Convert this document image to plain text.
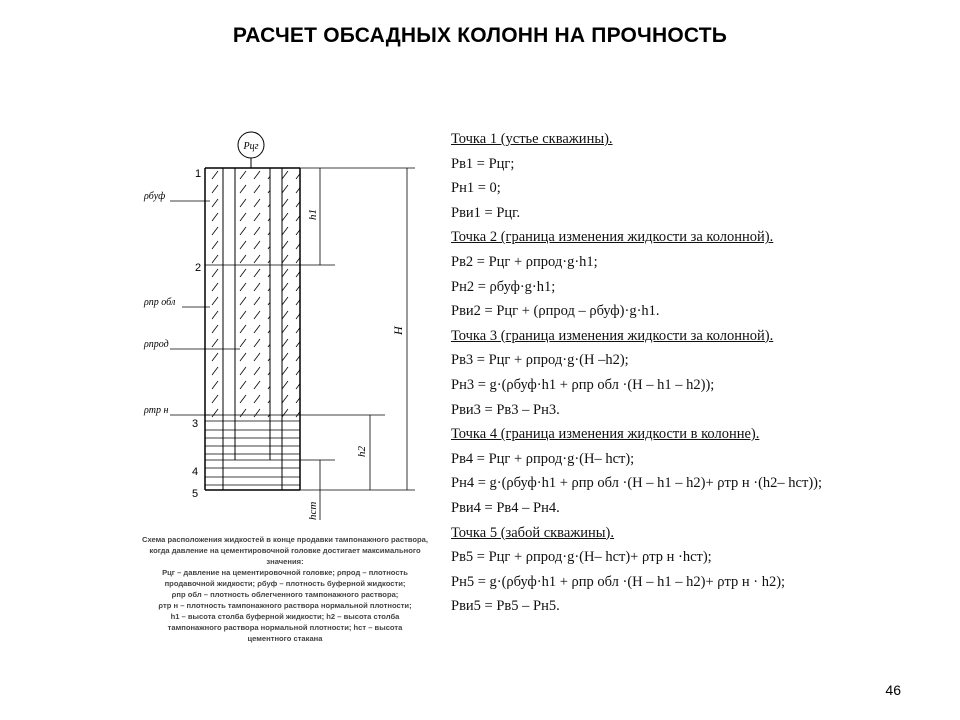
РАСЧЕТ ОБСАДНЫХ КОЛОНН НА ПРОЧНОСТЬ
Pцг
h1
H
h2
hст
ρбуф
ρпр обл
ρпрод
ρтр н
1
2
3
4
5

Схема расположения жидкостей в конце продавки тампонажного раствора, когда давление на цементировочной головке достигает максимального значения:

Pцг – давление на цементировочной головке; ρпрод – плотность

продавочной жидкости; ρбуф – плотность буферной жидкости;

ρпр обл – плотность облегченного тампонажного раствора;

ρтр н – плотность тампонажного раствора нормальной плотности;

h1 – высота столба буферной жидкости; h2 – высота столба

тампонажного раствора нормальной плотности; hст – высота

цементного стакана

Точка 1 (устье скважины).
Pв1 = Pцг;
Pн1 = 0;
Pви1 = Pцг.
Точка 2 (граница изменения жидкости за колонной).
Pв2 = Pцг + ρпрод·g·h1;
Pн2 = ρбуф·g·h1;
Pви2 = Pцг + (ρпрод – ρбуф)·g·h1.
Точка 3 (граница изменения жидкости за колонной).
Pв3 = Pцг + ρпрод·g·(H –h2);
Pн3 = g·(ρбуф·h1 + ρпр обл ·(H – h1 – h2));
Pви3 = Pв3 – Pн3.
Точка 4 (граница изменения жидкости в колонне).
Pв4 = Pцг + ρпрод·g·(H– hст);
Pн4 = g·(ρбуф·h1 + ρпр обл ·(H – h1 – h2)+ ρтр н ·(h2– hст));
Pви4 = Pв4 – Pн4.
Точка 5 (забой скважины).
Pв5 = Pцг + ρпрод·g·(H– hст)+ ρтр н ·hст);
Pн5 = g·(ρбуф·h1 + ρпр обл ·(H – h1 – h2)+ ρтр н · h2);
Pви5 = Pв5 – Pн5.
46
